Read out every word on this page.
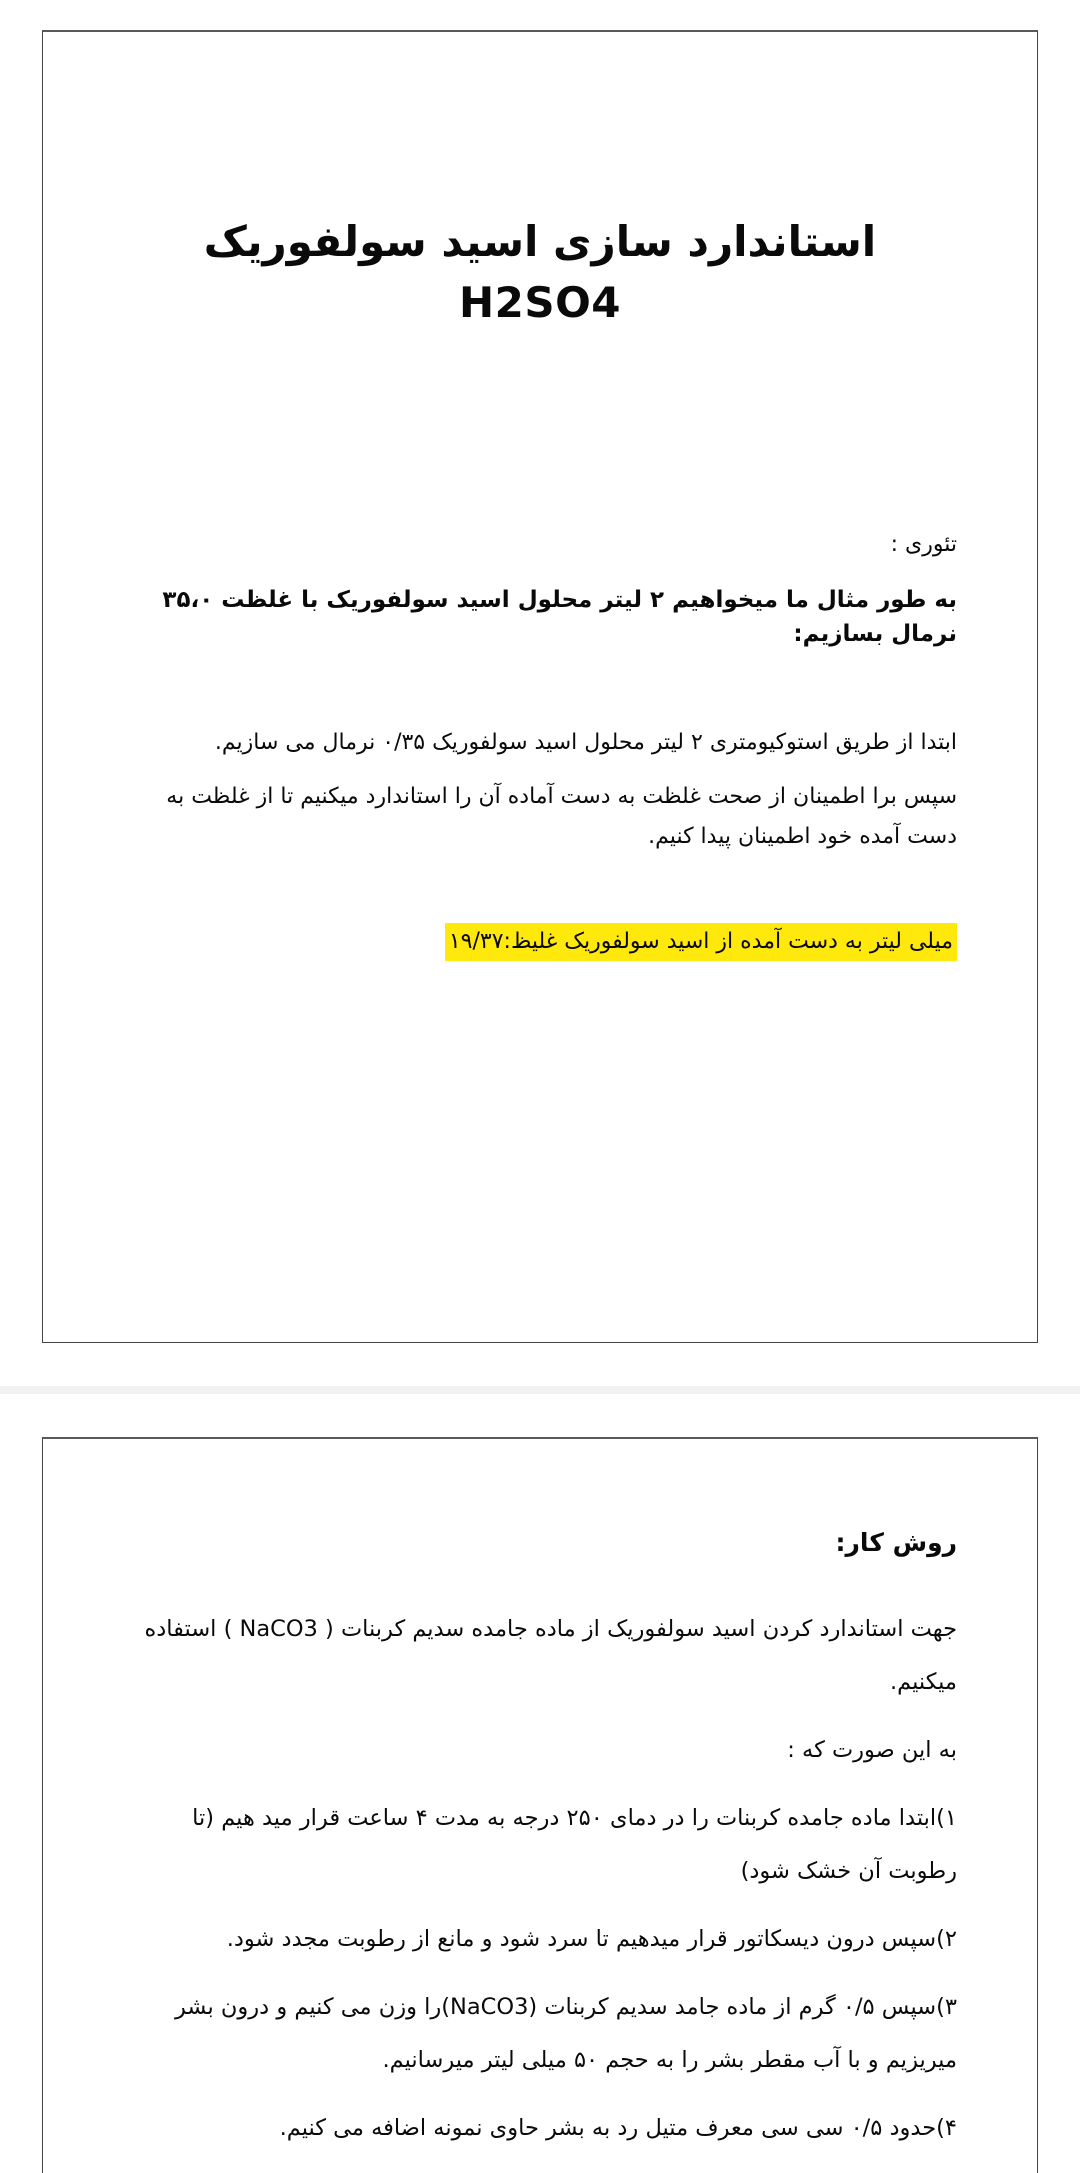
استاندارد سازی اسید سولفوریک H2SO4
تئوری :
به طور مثال ما میخواهیم ۲ لیتر محلول اسید سولفوریک با غلظت ۳۵،۰ نرمال بسازیم:

ابتدا از طریق استوکیومتری ۲ لیتر محلول اسید سولفوریک ۰/۳۵ نرمال می سازیم.

سپس برا اطمینان از صحت غلظت به دست آماده آن را استاندارد میکنیم تا از غلظت به دست آمده خود اطمینان پیدا کنیم.

میلی لیتر به دست آمده از اسید سولفوریک غلیظ:۱۹/۳۷
روش کار:

جهت استاندارد کردن اسید سولفوریک از ماده جامده سدیم کربنات ( NaCO3 ) استفاده میکنیم.

به این صورت که :

۱)ابتدا ماده جامده کربنات را در دمای ۲۵۰ درجه به مدت ۴ ساعت قرار مید هیم (تا رطوبت آن خشک شود)

۲)سپس درون دیسکاتور قرار میدهیم تا سرد شود و مانع از رطوبت مجدد شود.

۳)سپس ۰/۵ گرم از ماده جامد سدیم کربنات (NaCO3)را وزن می کنیم و درون بشر میریزیم و با آب مقطر بشر را به حجم ۵۰ میلی لیتر میرسانیم.

۴)حدود ۰/۵ سی سی معرف متیل رد به بشر حاوی نمونه اضافه می کنیم.
